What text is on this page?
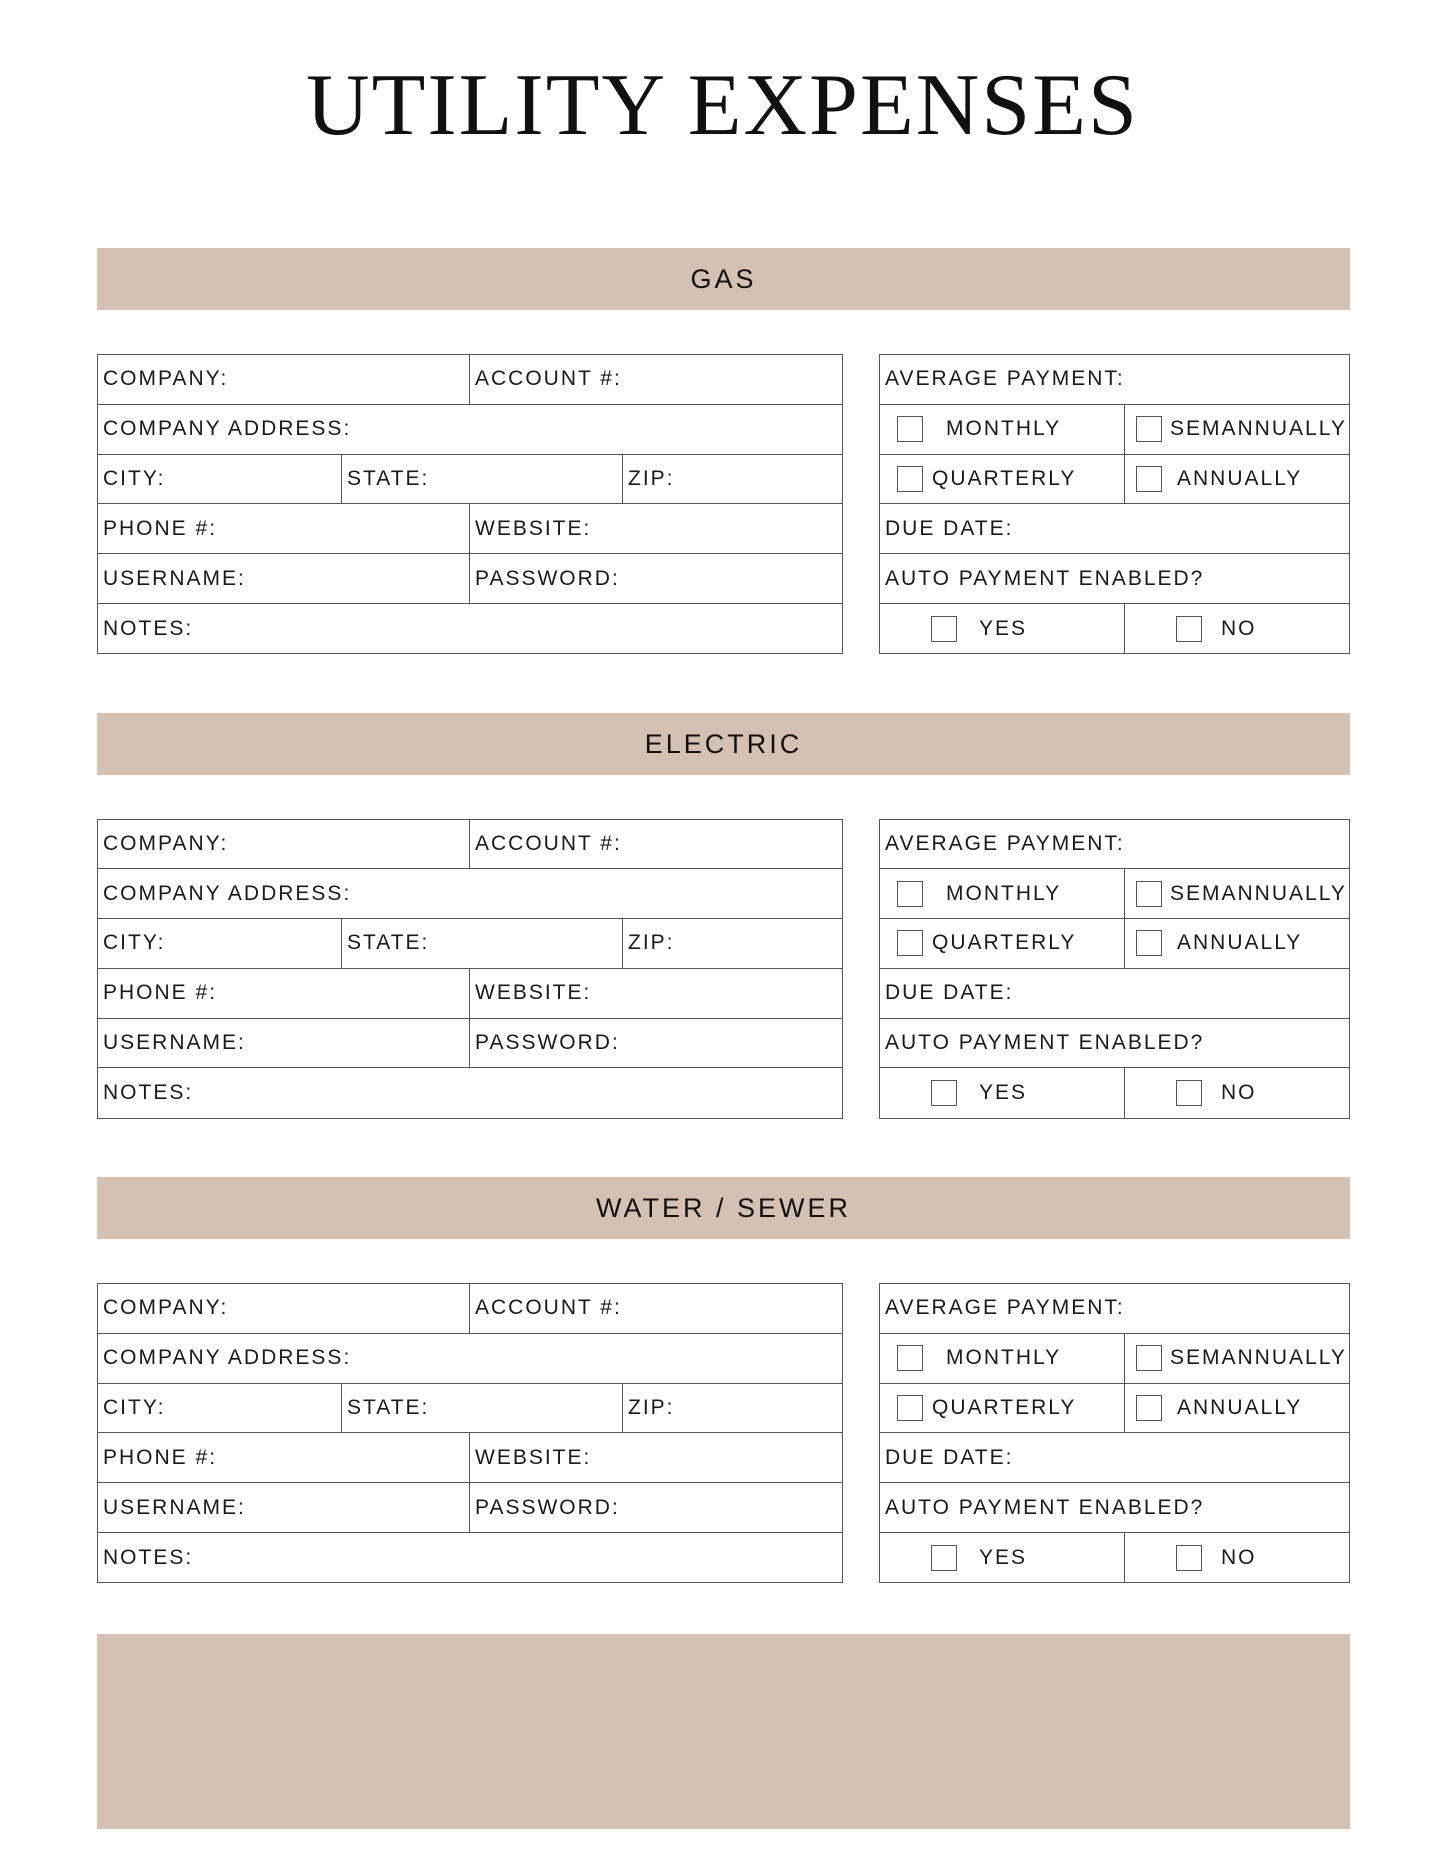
UTILITY EXPENSES
GAS
COMPANY:	ACCOUNT #:
COMPANY ADDRESS:
CITY:	STATE:	ZIP:
PHONE #:	WEBSITE:
USERNAME:	PASSWORD:
NOTES:
AVERAGE PAYMENT:
MONTHLY	SEMANNUALLY
QUARTERLY	ANNUALLY
DUE DATE:
AUTO PAYMENT ENABLED?
YES	NO
ELECTRIC
COMPANY:	ACCOUNT #:
COMPANY ADDRESS:
CITY:	STATE:	ZIP:
PHONE #:	WEBSITE:
USERNAME:	PASSWORD:
NOTES:
AVERAGE PAYMENT:
MONTHLY	SEMANNUALLY
QUARTERLY	ANNUALLY
DUE DATE:
AUTO PAYMENT ENABLED?
YES	NO
WATER / SEWER
COMPANY:	ACCOUNT #:
COMPANY ADDRESS:
CITY:	STATE:	ZIP:
PHONE #:	WEBSITE:
USERNAME:	PASSWORD:
NOTES:
AVERAGE PAYMENT:
MONTHLY	SEMANNUALLY
QUARTERLY	ANNUALLY
DUE DATE:
AUTO PAYMENT ENABLED?
YES	NO
